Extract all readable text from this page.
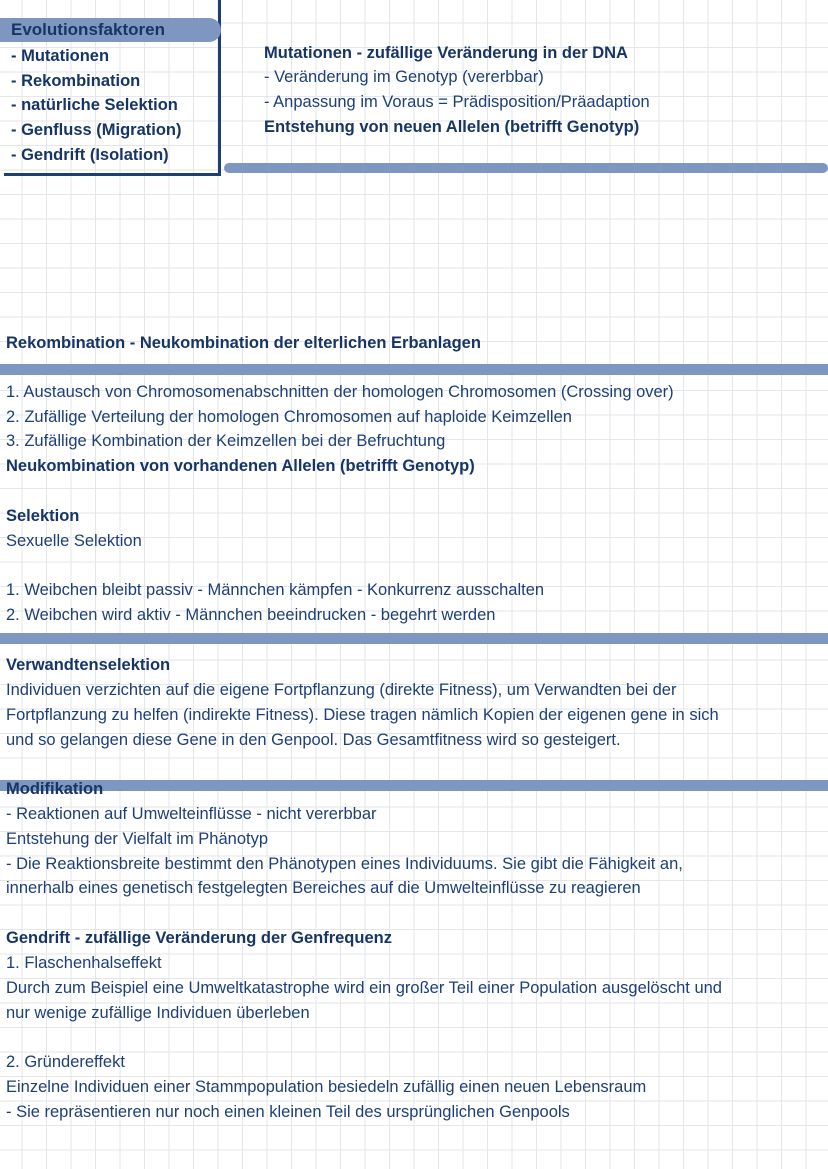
Evolutionsfaktoren
- Mutationen
- Rekombination
- natürliche Selektion
- Genfluss (Migration)
- Gendrift (Isolation)
Mutationen - zufällige Veränderung in der DNA
- Veränderung im Genotyp (vererbbar)
- Anpassung im Voraus = Prädisposition/Präadaption
Entstehung von neuen Allelen (betrifft Genotyp)
Rekombination - Neukombination der elterlichen Erbanlagen
1. Austausch von Chromosomenabschnitten der homologen Chromosomen (Crossing over)
2. Zufällige Verteilung der homologen Chromosomen auf haploide Keimzellen
3. Zufällige Kombination der Keimzellen bei der Befruchtung
Neukombination von vorhandenen Allelen (betrifft Genotyp)
Selektion
Sexuelle Selektion
1. Weibchen bleibt passiv - Männchen kämpfen - Konkurrenz ausschalten
2. Weibchen wird aktiv - Männchen beeindrucken - begehrt werden
Verwandtenselektion
Individuen verzichten auf die eigene Fortpflanzung (direkte Fitness), um Verwandten bei der
Fortpflanzung zu helfen (indirekte Fitness). Diese tragen nämlich Kopien der eigenen gene in sich
und so gelangen diese Gene in den Genpool. Das Gesamtfitness wird so gesteigert.
Modifikation
- Reaktionen auf Umwelteinflüsse - nicht vererbbar
Entstehung der Vielfalt im Phänotyp
- Die Reaktionsbreite bestimmt den Phänotypen eines Individuums. Sie gibt die Fähigkeit an,
innerhalb eines genetisch festgelegten Bereiches auf die Umwelteinflüsse zu reagieren
Gendrift - zufällige Veränderung der Genfrequenz
1. Flaschenhalseffekt
Durch zum Beispiel eine Umweltkatastrophe wird ein großer Teil einer Population ausgelöscht und
nur wenige zufällige Individuen überleben
2. Gründereffekt
Einzelne Individuen einer Stammpopulation besiedeln zufällig einen neuen Lebensraum
- Sie repräsentieren nur noch einen kleinen Teil des ursprünglichen Genpools
